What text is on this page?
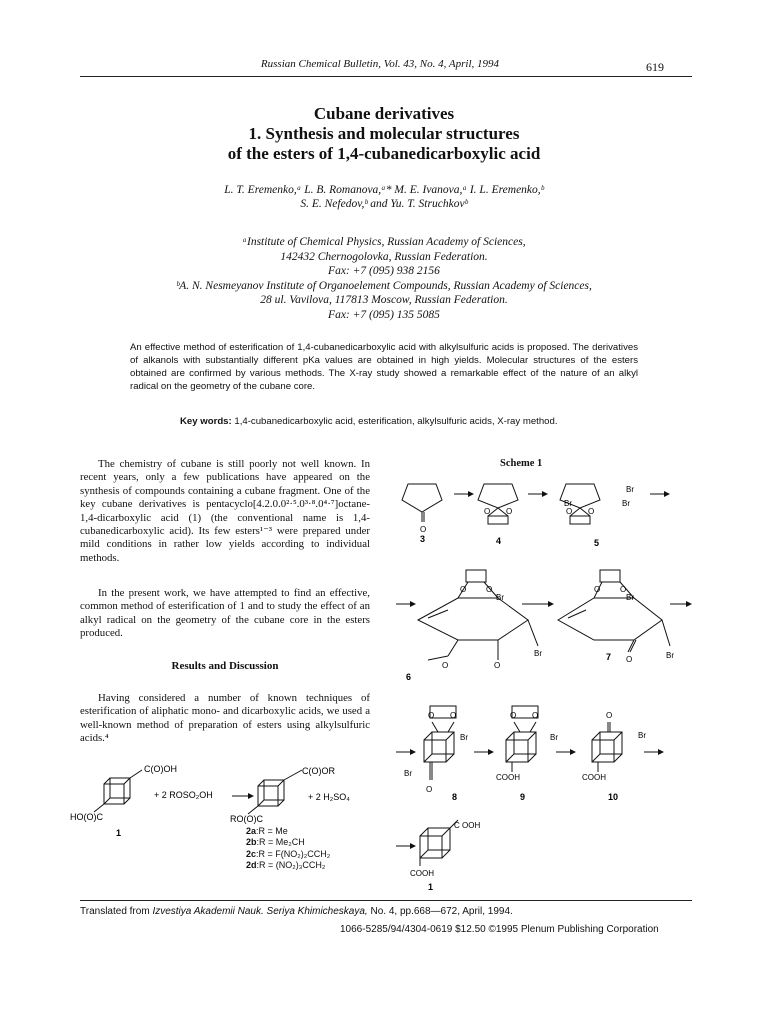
Russian Chemical Bulletin, Vol. 43, No. 4, April, 1994	619
Cubane derivatives
1. Synthesis and molecular structures
of the esters of 1,4-cubanedicarboxylic acid
L. T. Eremenko,ᵃ L. B. Romanova,ᵃ* M. E. Ivanova,ᵃ I. L. Eremenko,ᵇ
S. E. Nefedov,ᵇ and Yu. T. Struchkovᵇ
ᵃInstitute of Chemical Physics, Russian Academy of Sciences,
142432 Chernogolovka, Russian Federation.
Fax: +7 (095) 938 2156
ᵇA. N. Nesmeyanov Institute of Organoelement Compounds, Russian Academy of Sciences,
28 ul. Vavilova, 117813 Moscow, Russian Federation.
Fax: +7 (095) 135 5085
An effective method of esterification of 1,4-cubanedicarboxylic acid with alkylsulfuric acids is proposed. The derivatives of alkanols with substantially different pKa values are obtained in high yields. Molecular structures of the esters obtained are confirmed by various methods. The X-ray study showed a remarkable effect of the nature of an alkyl radical on the geometry of the cubane core.
Key words: 1,4-cubanedicarboxylic acid, esterification, alkylsulfuric acids, X-ray method.
The chemistry of cubane is still poorly not well known. In recent years, only a few publications have appeared on the synthesis of compounds containing a cubane fragment. One of the key cubane derivatives is pentacyclo[4.2.0.0²·⁵.0³·⁸.0⁴·⁷]octane-1,4-dicarboxylic acid (1) (the conventional name is 1,4-cubanedicarboxylic acid). Its few esters¹⁻³ were prepared under mild conditions in rather low yields according to individual methods.
In the present work, we have attempted to find an effective, common method of esterification of 1 and to study the effect of an alkyl radical on the geometry of the cubane core in the esters produced.
Results and Discussion
Having considered a number of known techniques of esterification of aliphatic mono- and dicarboxylic acids, we used a well-known method of preparation of esters using alkylsulfuric acids.⁴
C(O)OH
HO(O)C
+ 2 ROSO₂OH
C(O)OR
RO(O)C
+ 2 H₂SO₄
1	2a:R = Me
2b:R = Me₂CH
2c:R = F(NO₂)₂CCH₂
2d:R = (NO₂)₃CCH₂
Scheme 1
O
O O	O O
Br
Br
Br
O O
Br
Br
O
O
O O
Br
O	Br
O O
Br
Br
O
O O
Br
COOH
O
Br
COOH
C OOH
COOH
3	4	5
6
7
8	9	10
1
Translated from Izvestiya Akademii Nauk. Seriya Khimicheskaya, No. 4, pp.668—672, April, 1994.
1066-5285/94/4304-0619 $12.50 ©1995 Plenum Publishing Corporation
